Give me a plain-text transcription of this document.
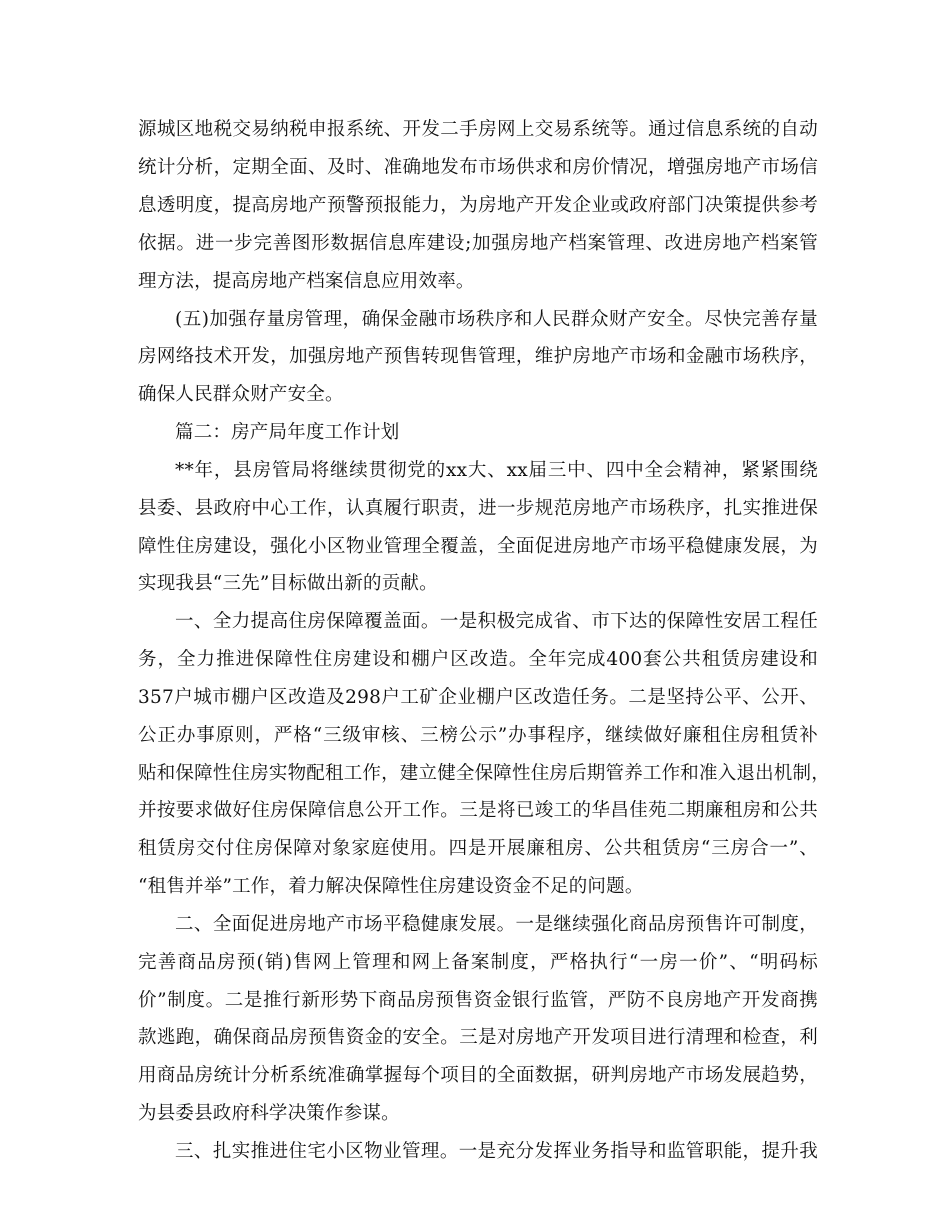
源城区地税交易纳税申报系统、开发二手房网上交易系统等。通过信息系统的自动
统计分析，定期全面、及时、准确地发布市场供求和房价情况，增强房地产市场信
息透明度，提高房地产预警预报能力，为房地产开发企业或政府部门决策提供参考
依据。进一步完善图形数据信息库建设;加强房地产档案管理、改进房地产档案管
理方法，提高房地产档案信息应用效率。
(五)加强存量房管理，确保金融市场秩序和人民群众财产安全。尽快完善存量
房网络技术开发，加强房地产预售转现售管理，维护房地产市场和金融市场秩序，
确保人民群众财产安全。
篇二：房产局年度工作计划
**年，县房管局将继续贯彻党的xx大、xx届三中、四中全会精神，紧紧围绕
县委、县政府中心工作，认真履行职责，进一步规范房地产市场秩序，扎实推进保
障性住房建设，强化小区物业管理全覆盖，全面促进房地产市场平稳健康发展，为
实现我县“三先”目标做出新的贡献。
一、全力提高住房保障覆盖面。一是积极完成省、市下达的保障性安居工程任
务，全力推进保障性住房建设和棚户区改造。全年完成400套公共租赁房建设和
357户城市棚户区改造及298户工矿企业棚户区改造任务。二是坚持公平、公开、
公正办事原则，严格“三级审核、三榜公示”办事程序，继续做好廉租住房租赁补
贴和保障性住房实物配租工作，建立健全保障性住房后期管养工作和准入退出机制，
并按要求做好住房保障信息公开工作。三是将已竣工的华昌佳苑二期廉租房和公共
租赁房交付住房保障对象家庭使用。四是开展廉租房、公共租赁房“三房合一”、
“租售并举”工作，着力解决保障性住房建设资金不足的问题。
二、全面促进房地产市场平稳健康发展。一是继续强化商品房预售许可制度，
完善商品房预(销)售网上管理和网上备案制度，严格执行“一房一价”、“明码标
价”制度。二是推行新形势下商品房预售资金银行监管，严防不良房地产开发商携
款逃跑，确保商品房预售资金的安全。三是对房地产开发项目进行清理和检查，利
用商品房统计分析系统准确掌握每个项目的全面数据，研判房地产市场发展趋势，
为县委县政府科学决策作参谋。
三、扎实推进住宅小区物业管理。一是充分发挥业务指导和监管职能，提升我
